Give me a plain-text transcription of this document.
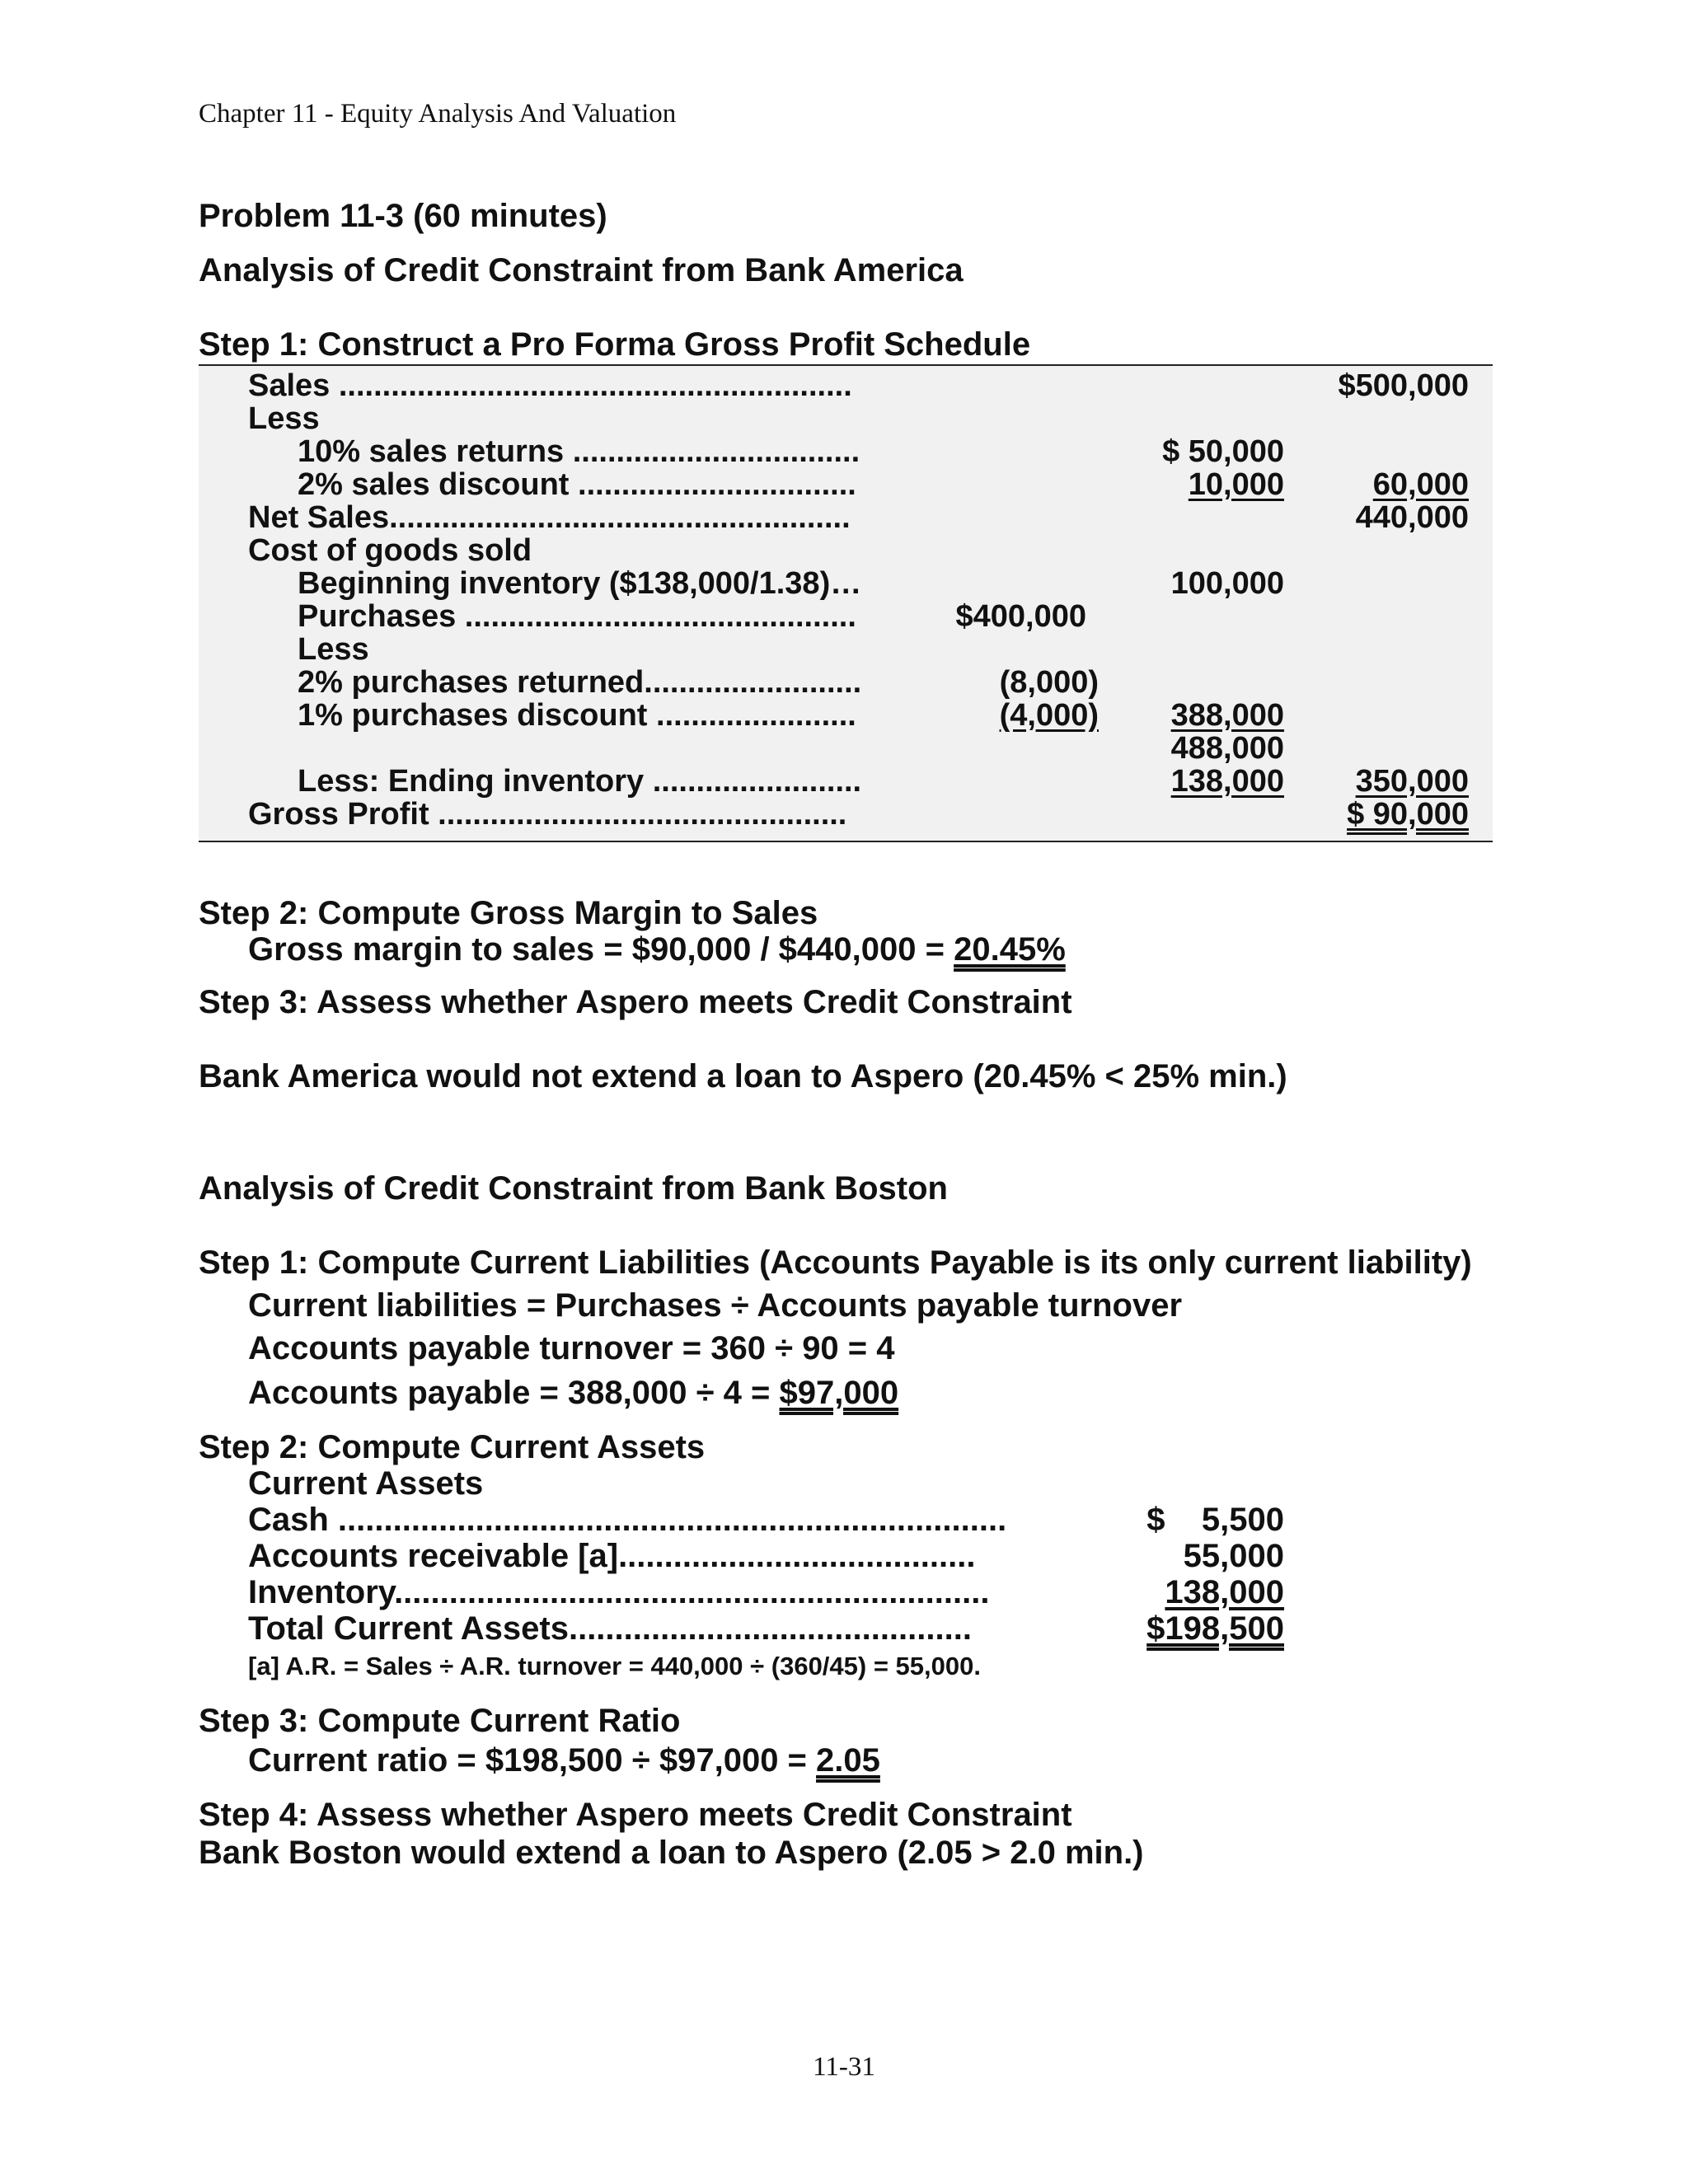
Chapter 11 - Equity Analysis And Valuation
Problem 11-3 (60 minutes)
Analysis of Credit Constraint from Bank America
Step 1: Construct a Pro Forma Gross Profit Schedule
Sales ...........................................................	$500,000
Less
10% sales returns .................................	$ 50,000
2% sales discount ................................	10,000	60,000
Net Sales.....................................................	440,000
Cost of goods sold
Beginning inventory ($138,000/1.38)…	100,000
Purchases .............................................	$400,000
Less
2% purchases returned.........................	(8,000)
1% purchases discount .......................	(4,000) 388,000
488,000
Less: Ending inventory ........................	138,000 350,000
Gross Profit ...............................................	$ 90,000
Step 2: Compute Gross Margin to Sales
Gross margin to sales = $90,000 / $440,000 = 20.45%
Step 3: Assess whether Aspero meets Credit Constraint
Bank America would not extend a loan to Aspero (20.45% < 25% min.)
Analysis of Credit Constraint from Bank Boston
Step 1: Compute Current Liabilities (Accounts Payable is its only current liability)
Current liabilities = Purchases ÷ Accounts payable turnover
Accounts payable turnover = 360 ÷ 90 = 4
Accounts payable = 388,000 ÷ 4 = $97,000
Step 2: Compute Current Assets
Current Assets
Cash .........................................................................	$    5,500
Accounts receivable [a].......................................	55,000
Inventory.................................................................	138,000
Total Current Assets............................................	$198,500
[a] A.R. = Sales ÷ A.R. turnover = 440,000 ÷ (360/45) = 55,000.
Step 3: Compute Current Ratio
Current ratio = $198,500 ÷ $97,000 = 2.05
Step 4: Assess whether Aspero meets Credit Constraint
Bank Boston would extend a loan to Aspero (2.05 > 2.0 min.)
11-31
